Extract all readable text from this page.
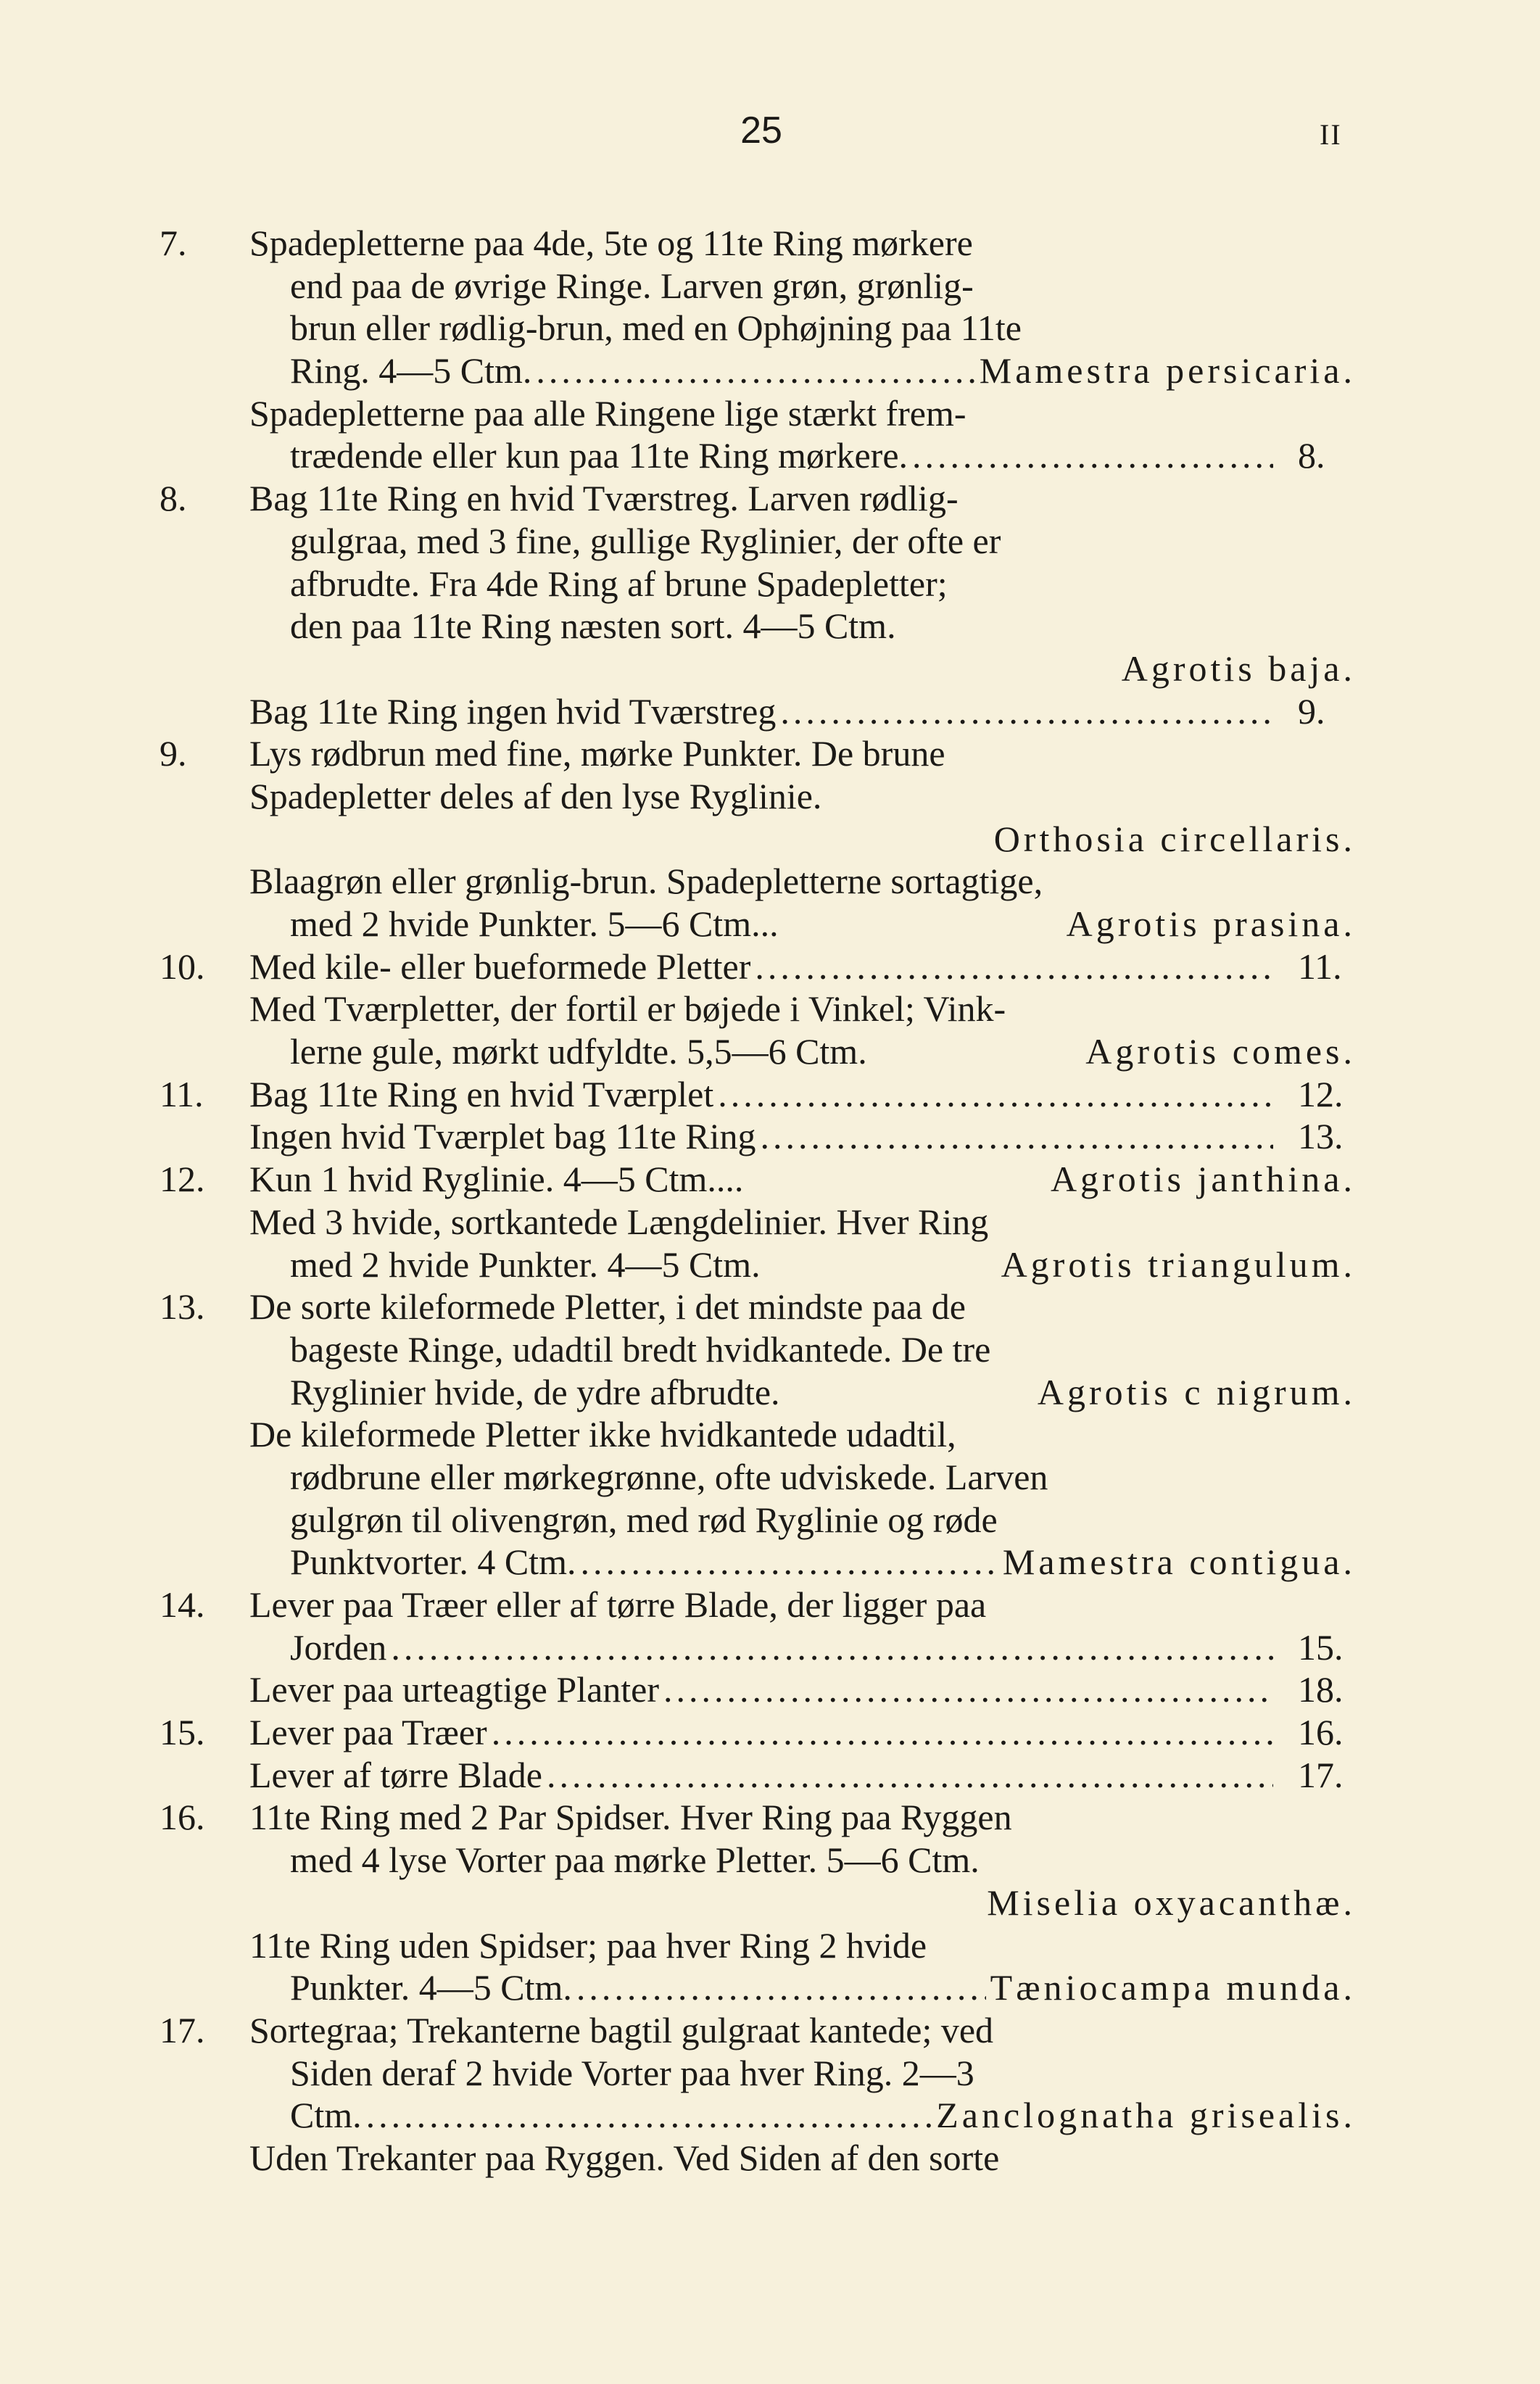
25	II
7.	Spadepletterne paa 4de, 5te og 11te Ring mørkere
end paa de øvrige Ringe. Larven grøn, grønlig-
brun eller rødlig-brun, med en Ophøjning paa 11te
Ring. 4—5 Ctm. .....	Mamestra persicaria.
Spadepletterne paa alle Ringene lige stærkt frem-
trædende eller kun paa 11te Ring mørkere. .....	8.
8.	Bag 11te Ring en hvid Tværstreg. Larven rødlig-
gulgraa, med 3 fine, gullige Ryglinier, der ofte er
afbrudte. Fra 4de Ring af brune Spadepletter;
den paa 11te Ring næsten sort. 4—5 Ctm.
Agrotis baja.
Bag 11te Ring ingen hvid Tværstreg .....	9.
9.	Lys rødbrun med fine, mørke Punkter. De brune
Spadepletter deles af den lyse Ryglinie.
Orthosia circellaris.
Blaagrøn eller grønlig-brun. Spadepletterne sortagtige,
med 2 hvide Punkter. 5—6 Ctm...	Agrotis prasina.
10.	Med kile- eller bueformede Pletter .....	11.
Med Tværpletter, der fortil er bøjede i Vinkel; Vink-
lerne gule, mørkt udfyldte. 5,5—6 Ctm.	Agrotis comes.
11.	Bag 11te Ring en hvid Tværplet .....	12.
Ingen hvid Tværplet bag 11te Ring .....	13.
12.	Kun 1 hvid Ryglinie. 4—5 Ctm....	Agrotis janthina.
Med 3 hvide, sortkantede Længdelinier. Hver Ring
med 2 hvide Punkter. 4—5 Ctm.	Agrotis triangulum.
13.	De sorte kileformede Pletter, i det mindste paa de
bageste Ringe, udadtil bredt hvidkantede. De tre
Ryglinier hvide, de ydre afbrudte.	Agrotis c nigrum.
De kileformede Pletter ikke hvidkantede udadtil,
rødbrune eller mørkegrønne, ofte udviskede. Larven
gulgrøn til olivengrøn, med rød Ryglinie og røde
Punktvorter. 4 Ctm. .....	Mamestra contigua.
14.	Lever paa Træer eller af tørre Blade, der ligger paa
Jorden .....	15.
Lever paa urteagtige Planter .....	18.
15.	Lever paa Træer .....	16.
Lever af tørre Blade .....	17.
16.	11te Ring med 2 Par Spidser. Hver Ring paa Ryggen
med 4 lyse Vorter paa mørke Pletter. 5—6 Ctm.
Miselia oxyacanthæ.
11te Ring uden Spidser; paa hver Ring 2 hvide
Punkter. 4—5 Ctm. .....	Tæniocampa munda.
17.	Sortegraa; Trekanterne bagtil gulgraat kantede; ved
Siden deraf 2 hvide Vorter paa hver Ring. 2—3
Ctm. .....	Zanclognatha grisealis.
Uden Trekanter paa Ryggen. Ved Siden af den sorte
